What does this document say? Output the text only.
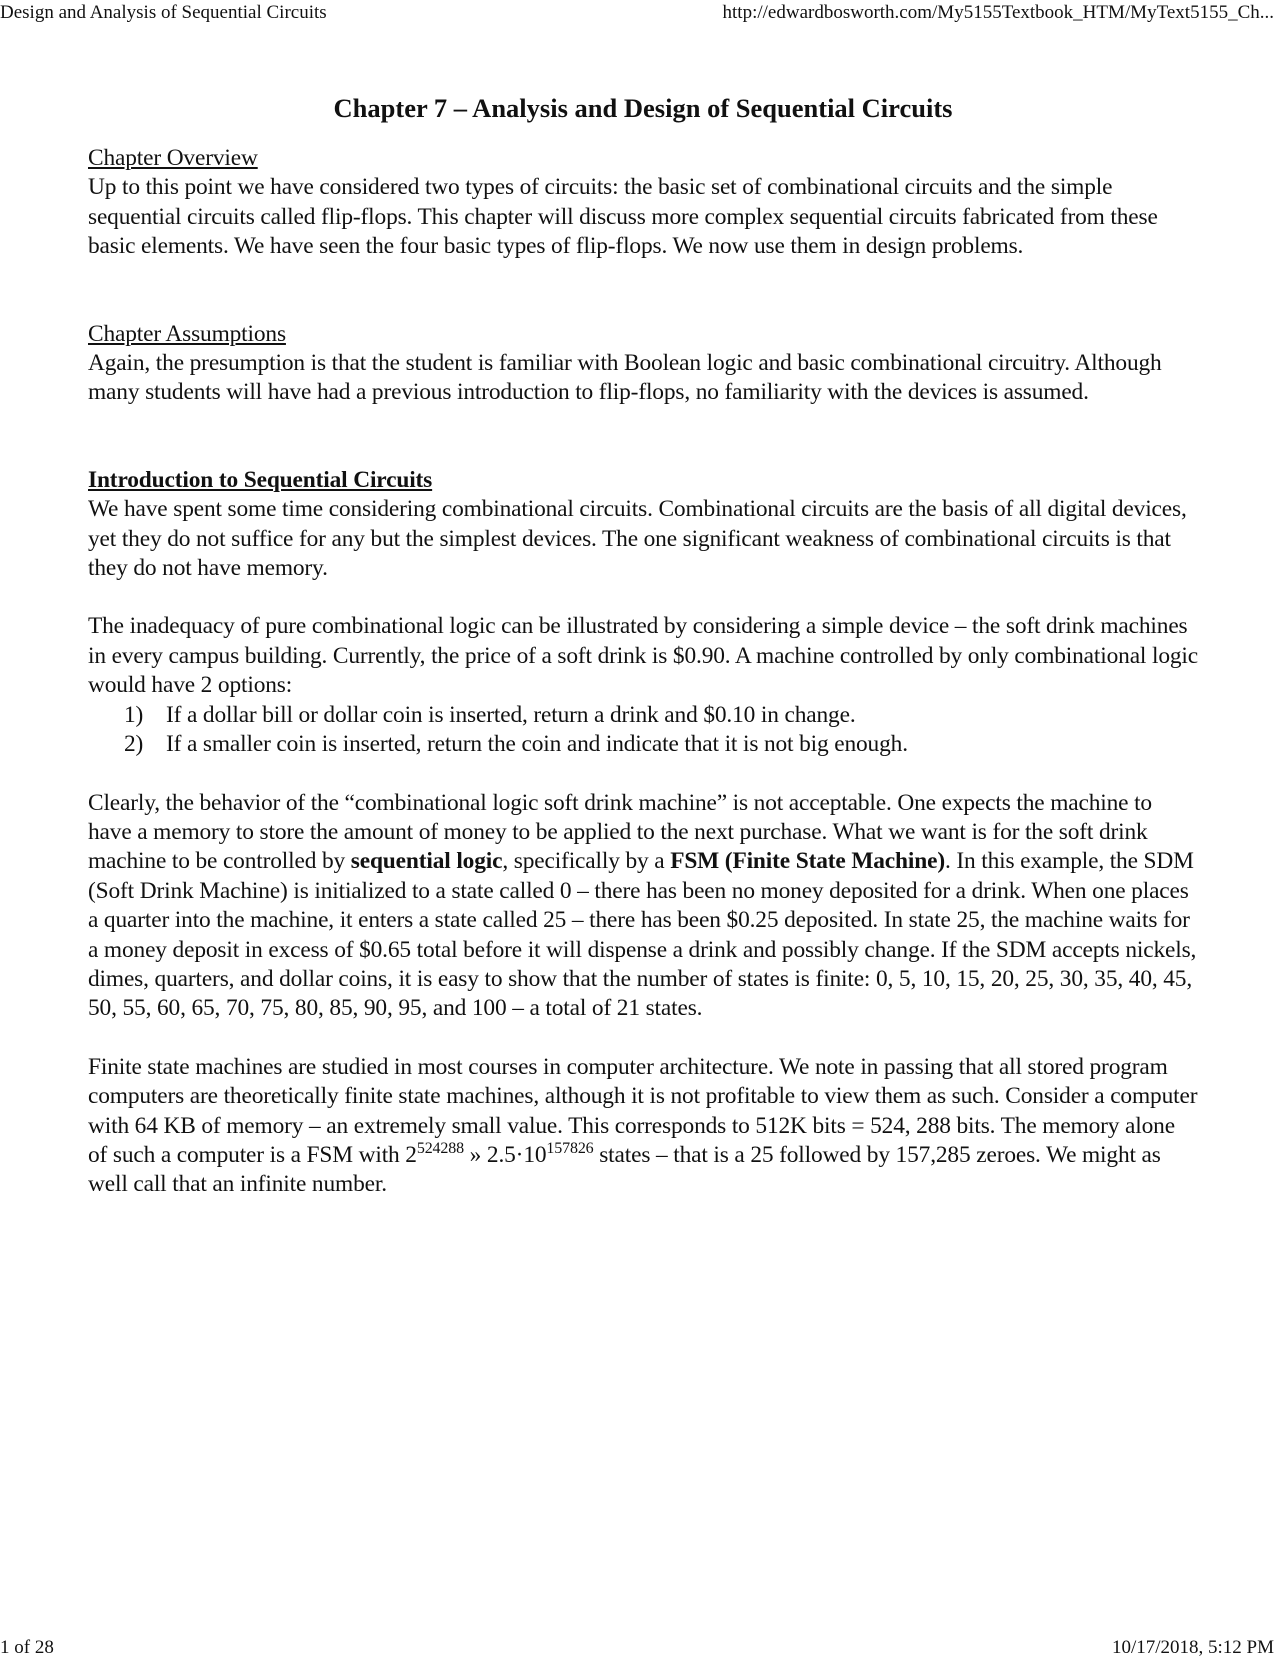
Design and Analysis of Sequential Circuits	http://edwardbosworth.com/My5155Textbook_HTM/MyText5155_Ch...
Chapter 7 – Analysis and Design of Sequential Circuits

Chapter Overview

Up to this point we have considered two types of circuits: the basic set of combinational circuits and the simple sequential circuits called flip-flops. This chapter will discuss more complex sequential circuits fabricated from these basic elements. We have seen the four basic types of flip-flops. We now use them in design problems.

Chapter Assumptions

Again, the presumption is that the student is familiar with Boolean logic and basic combinational circuitry. Although many students will have had a previous introduction to flip-flops, no familiarity with the devices is assumed.

Introduction to Sequential Circuits

We have spent some time considering combinational circuits. Combinational circuits are the basis of all digital devices, yet they do not suffice for any but the simplest devices. The one significant weakness of combinational circuits is that they do not have memory.

The inadequacy of pure combinational logic can be illustrated by considering a simple device – the soft drink machines in every campus building. Currently, the price of a soft drink is $0.90. A machine controlled by only combinational logic would have 2 options:

1) If a dollar bill or dollar coin is inserted, return a drink and $0.10 in change.
2) If a smaller coin is inserted, return the coin and indicate that it is not big enough.

Clearly, the behavior of the “combinational logic soft drink machine” is not acceptable. One expects the machine to have a memory to store the amount of money to be applied to the next purchase. What we want is for the soft drink machine to be controlled by sequential logic, specifically by a FSM (Finite State Machine). In this example, the SDM (Soft Drink Machine) is initialized to a state called 0 – there has been no money deposited for a drink. When one places a quarter into the machine, it enters a state called 25 – there has been $0.25 deposited. In state 25, the machine waits for a money deposit in excess of $0.65 total before it will dispense a drink and possibly change. If the SDM accepts nickels, dimes, quarters, and dollar coins, it is easy to show that the number of states is finite: 0, 5, 10, 15, 20, 25, 30, 35, 40, 45, 50, 55, 60, 65, 70, 75, 80, 85, 90, 95, and 100 – a total of 21 states.

Finite state machines are studied in most courses in computer architecture. We note in passing that all stored program computers are theoretically finite state machines, although it is not profitable to view them as such. Consider a computer with 64 KB of memory – an extremely small value. This corresponds to 512K bits = 524, 288 bits. The memory alone of such a computer is a FSM with $2^{524288}$ » $2.5\cdot 10^{157826}$ states – that is a 25 followed by 157,285 zeroes. We might as well call that an infinite number.

1 of 28	10/17/2018, 5:12 PM
